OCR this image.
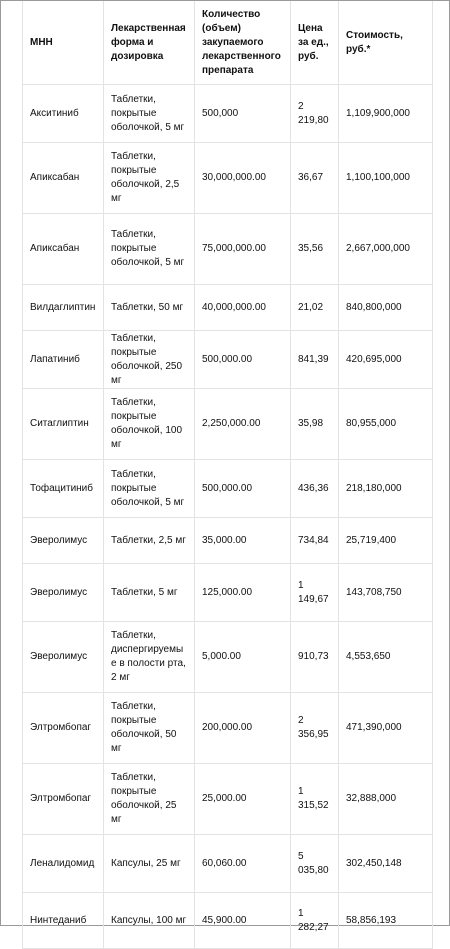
МНН	Лекарственная форма и дозировка	Количество (объем) закупаемого лекарственного препарата	Цена за ед., руб.	Стоимость, руб.*
Акситиниб	Таблетки, покрытые оболочкой, 5 мг	500,000	2 219,80	1,109,900,000
Апиксабан	Таблетки, покрытые оболочкой, 2,5 мг	30,000,000.00	36,67	1,100,100,000
Апиксабан	Таблетки, покрытые оболочкой, 5 мг	75,000,000.00	35,56	2,667,000,000
Вилдаглиптин	Таблетки, 50 мг	40,000,000.00	21,02	840,800,000
Лапатиниб	Таблетки, покрытые оболочкой, 250 мг	500,000.00	841,39	420,695,000
Ситаглиптин	Таблетки, покрытые оболочкой, 100 мг	2,250,000.00	35,98	80,955,000
Тофацитиниб	Таблетки, покрытые оболочкой, 5 мг	500,000.00	436,36	218,180,000
Эверолимус	Таблетки, 2,5 мг	35,000.00	734,84	25,719,400
Эверолимус	Таблетки, 5 мг	125,000.00	1 149,67	143,708,750
Эверолимус	Таблетки, диспергируемые в полости рта, 2 мг	5,000.00	910,73	4,553,650
Элтромбопаг	Таблетки, покрытые оболочкой, 50 мг	200,000.00	2 356,95	471,390,000
Элтромбопаг	Таблетки, покрытые оболочкой, 25 мг	25,000.00	1 315,52	32,888,000
Леналидомид	Капсулы, 25 мг	60,060.00	5 035,80	302,450,148
Нинтеданиб	Капсулы, 100 мг	45,900.00	1 282,27	58,856,193
